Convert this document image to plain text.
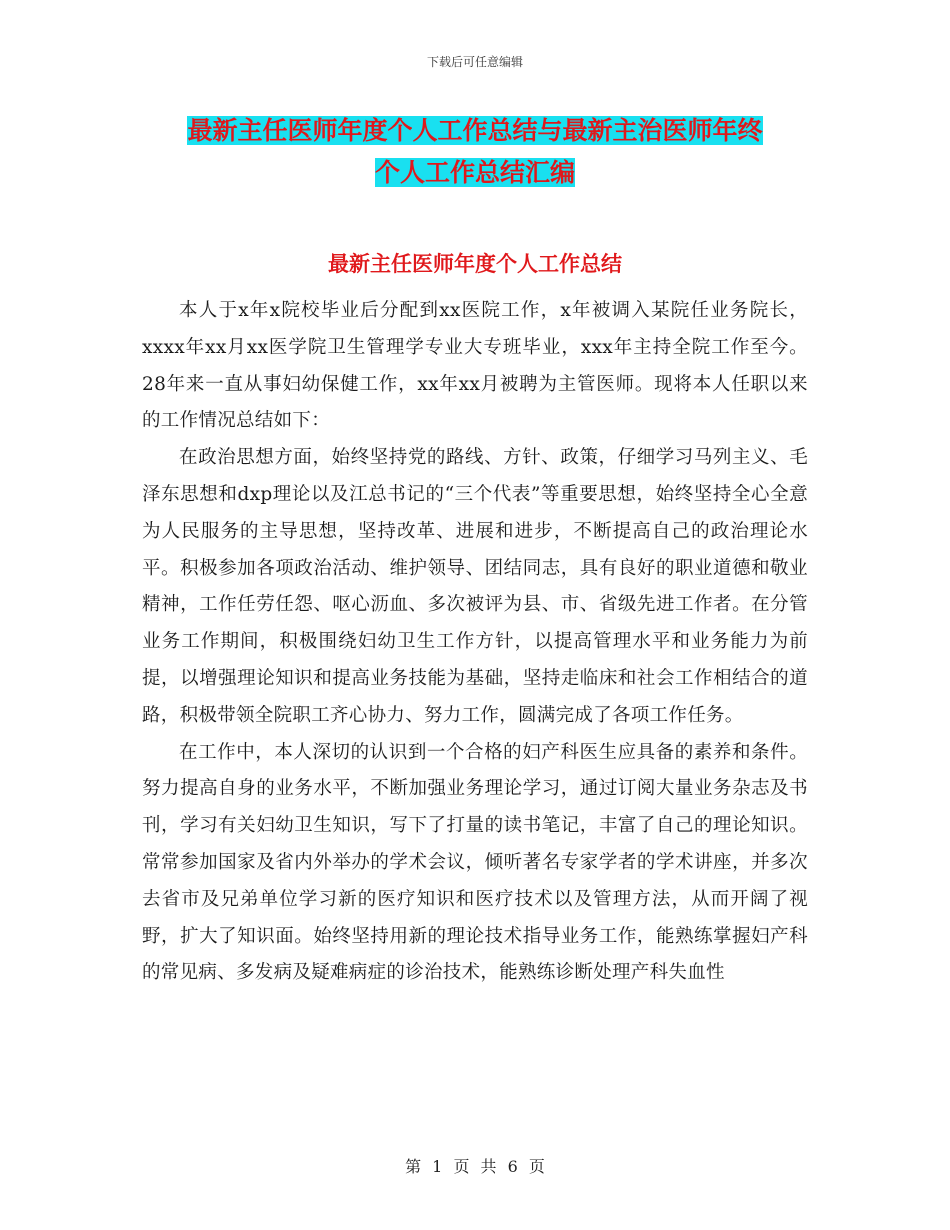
下载后可任意编辑
最新主任医师年度个人工作总结与最新主治医师年终
个人工作总结汇编
最新主任医师年度个人工作总结

本人于x年x院校毕业后分配到xx医院工作，x年被调入某院任业务院长，xxxx年xx月xx医学院卫生管理学专业大专班毕业，xxx年主持全院工作至今。28年来一直从事妇幼保健工作，xx年xx月被聘为主管医师。现将本人任职以来的工作情况总结如下：

在政治思想方面，始终坚持党的路线、方针、政策，仔细学习马列主义、毛泽东思想和dxp理论以及江总书记的“三个代表”等重要思想，始终坚持全心全意为人民服务的主导思想，坚持改革、进展和进步，不断提高自己的政治理论水平。积极参加各项政治活动、维护领导、团结同志，具有良好的职业道德和敬业精神，工作任劳任怨、呕心沥血、多次被评为县、市、省级先进工作者。在分管业务工作期间，积极围绕妇幼卫生工作方针，以提高管理水平和业务能力为前提，以增强理论知识和提高业务技能为基础，坚持走临床和社会工作相结合的道路，积极带领全院职工齐心协力、努力工作，圆满完成了各项工作任务。

在工作中，本人深切的认识到一个合格的妇产科医生应具备的素养和条件。努力提高自身的业务水平，不断加强业务理论学习，通过订阅大量业务杂志及书刊，学习有关妇幼卫生知识，写下了打量的读书笔记，丰富了自己的理论知识。常常参加国家及省内外举办的学术会议，倾听著名专家学者的学术讲座，并多次去省市及兄弟单位学习新的医疗知识和医疗技术以及管理方法，从而开阔了视野，扩大了知识面。始终坚持用新的理论技术指导业务工作，能熟练掌握妇产科的常见病、多发病及疑难病症的诊治技术，能熟练诊断处理产科失血性

第 1 页 共 6 页
